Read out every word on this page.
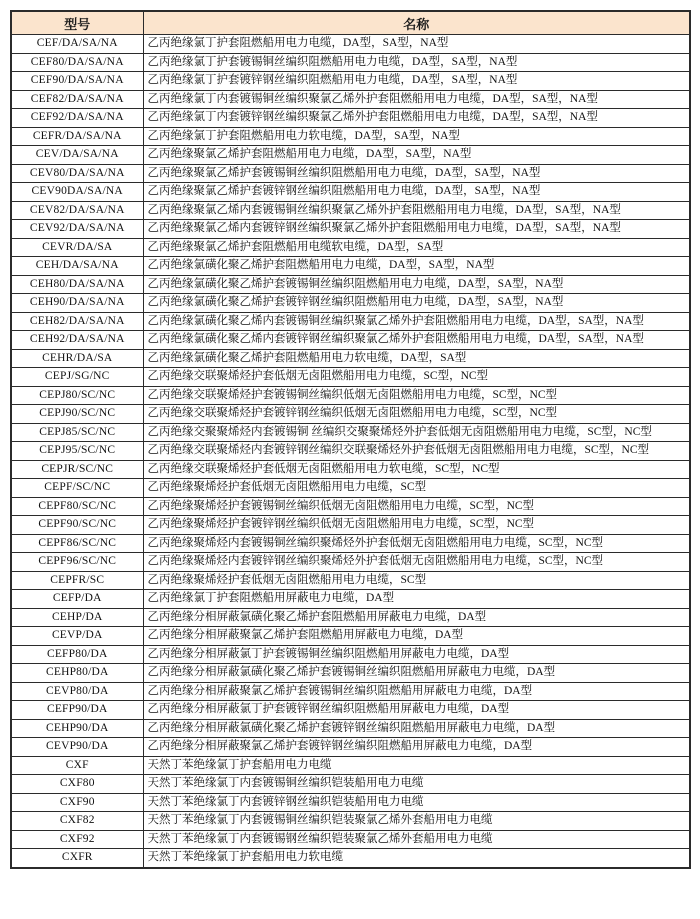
型号	名称
CEF/DA/SA/NA	乙丙绝缘氯丁护套阻燃船用电力电缆，DA型，SA型，NA型
CEF80/DA/SA/NA	乙丙绝缘氯丁护套镀锡铜丝编织阻燃船用电力电缆，DA型，SA型，NA型
CEF90/DA/SA/NA	乙丙绝缘氯丁护套镀锌钢丝编织阻燃船用电力电缆，DA型，SA型，NA型
CEF82/DA/SA/NA	乙丙绝缘氯丁内套镀锡铜丝编织聚氯乙烯外护套阻燃船用电力电缆，DA型，SA型，NA型
CEF92/DA/SA/NA	乙丙绝缘氯丁内套镀锌钢丝编织聚氯乙烯外护套阻燃船用电力电缆，DA型，SA型，NA型
CEFR/DA/SA/NA	乙丙绝缘氯丁护套阻燃船用电力软电缆，DA型，SA型，NA型
CEV/DA/SA/NA	乙丙绝缘聚氯乙烯护套阻燃船用电力电缆，DA型，SA型，NA型
CEV80/DA/SA/NA	乙丙绝缘聚氯乙烯护套镀锡铜丝编织阻燃船用电力电缆，DA型，SA型，NA型
CEV90DA/SA/NA	乙丙绝缘聚氯乙烯护套镀锌钢丝编织阻燃船用电力电缆，DA型，SA型，NA型
CEV82/DA/SA/NA	乙丙绝缘聚氯乙烯内套镀锡铜丝编织聚氯乙烯外护套阻燃船用电力电缆，DA型，SA型，NA型
CEV92/DA/SA/NA	乙丙绝缘聚氯乙烯内套镀锌钢丝编织聚氯乙烯外护套阻燃船用电力电缆，DA型，SA型，NA型
CEVR/DA/SA	乙丙绝缘聚氯乙烯护套阻燃船用电缆软电缆，DA型，SA型
CEH/DA/SA/NA	乙丙绝缘氯磺化聚乙烯护套阻燃船用电力电缆，DA型，SA型，NA型
CEH80/DA/SA/NA	乙丙绝缘氯磺化聚乙烯护套镀锡铜丝编织阻燃船用电力电缆，DA型，SA型，NA型
CEH90/DA/SA/NA	乙丙绝缘氯磺化聚乙烯护套镀锌钢丝编织阻燃船用电力电缆，DA型，SA型，NA型
CEH82/DA/SA/NA	乙丙绝缘氯磺化聚乙烯内套镀锡铜丝编织聚氯乙烯外护套阻燃船用电力电缆，DA型，SA型，NA型
CEH92/DA/SA/NA	乙丙绝缘氯磺化聚乙烯内套镀锌钢丝编织聚氯乙烯外护套阻燃船用电力电缆，DA型，SA型，NA型
CEHR/DA/SA	乙丙绝缘氯磺化聚乙烯护套阻燃船用电力软电缆，DA型，SA型
CEPJ/SG/NC	乙丙绝缘交联聚烯烃护套低烟无卤阻燃船用电力电缆，SC型，NC型
CEPJ80/SC/NC	乙丙绝缘交联聚烯烃护套镀锡铜丝编织低烟无卤阻燃船用电力电缆，SC型，NC型
CEPJ90/SC/NC	乙丙绝缘交联聚烯烃护套镀锌钢丝编织低烟无卤阻燃船用电力电缆，SC型，NC型
CEPJ85/SC/NC	乙丙绝缘交聚聚烯烃内套镀锡铜 丝编织交聚聚烯烃外护套低烟无卤阻燃船用电力电缆，SC型，NC型
CEPJ95/SC/NC	乙丙绝缘交联聚烯烃内套镀锌钢丝编织交联聚烯烃外护套低烟无卤阻燃船用电力电缆，SC型，NC型
CEPJR/SC/NC	乙丙绝缘交联聚烯烃护套低烟无卤阻燃船用电力软电缆，SC型，NC型
CEPF/SC/NC	乙丙绝缘聚烯烃护套低烟无卤阻燃船用电力电缆，SC型
CEPF80/SC/NC	乙丙绝缘聚烯烃护套镀锡铜丝编织低烟无卤阻燃船用电力电缆，SC型，NC型
CEPF90/SC/NC	乙丙绝缘聚烯烃护套镀锌钢丝编织低烟无卤阻燃船用电力电缆，SC型，NC型
CEPF86/SC/NC	乙丙绝缘聚烯烃内套镀锡铜丝编织聚烯烃外护套低烟无卤阻燃船用电力电缆，SC型，NC型
CEPF96/SC/NC	乙丙绝缘聚烯烃内套镀锌钢丝编织聚烯烃外护套低烟无卤阻燃船用电力电缆，SC型，NC型
CEPFR/SC	乙丙绝缘聚烯烃护套低烟无卤阻燃船用电力电缆，SC型
CEFP/DA	乙丙绝缘氯丁护套阻燃船用屏蔽电力电缆，DA型
CEHP/DA	乙丙绝缘分相屏蔽氯磺化聚乙烯护套阻燃船用屏蔽电力电缆，DA型
CEVP/DA	乙丙绝缘分相屏蔽聚氯乙烯护套阻燃船用屏蔽电力电缆，DA型
CEFP80/DA	乙丙绝缘分相屏蔽氯丁护套镀锡铜丝编织阻燃船用屏蔽电力电缆，DA型
CEHP80/DA	乙丙绝缘分相屏蔽氯磺化聚乙烯护套镀锡铜丝编织阻燃船用屏蔽电力电缆，DA型
CEVP80/DA	乙丙绝缘分相屏蔽聚氯乙烯护套镀锡铜丝编织阻燃船用屏蔽电力电缆，DA型
CEFP90/DA	乙丙绝缘分相屏蔽氯丁护套镀锌钢丝编织阻燃船用屏蔽电力电缆，DA型
CEHP90/DA	乙丙绝缘分相屏蔽氯磺化聚乙烯护套镀锌钢丝编织阻燃船用屏蔽电力电缆，DA型
CEVP90/DA	乙丙绝缘分相屏蔽聚氯乙烯护套镀锌钢丝编织阻燃船用屏蔽电力电缆，DA型
CXF	天然丁苯绝缘氯丁护套船用电力电缆
CXF80	天然丁苯绝缘氯丁内套镀锡铜丝编织铠装船用电力电缆
CXF90	天然丁苯绝缘氯丁内套镀锌钢丝编织铠装船用电力电缆
CXF82	天然丁苯绝缘氯丁内套镀锡铜丝编织铠装聚氯乙烯外套船用电力电缆
CXF92	天然丁苯绝缘氯丁内套镀锡钢丝编织铠装聚氯乙烯外套船用电力电缆
CXFR	天然丁苯绝缘氯丁护套船用电力软电缆
